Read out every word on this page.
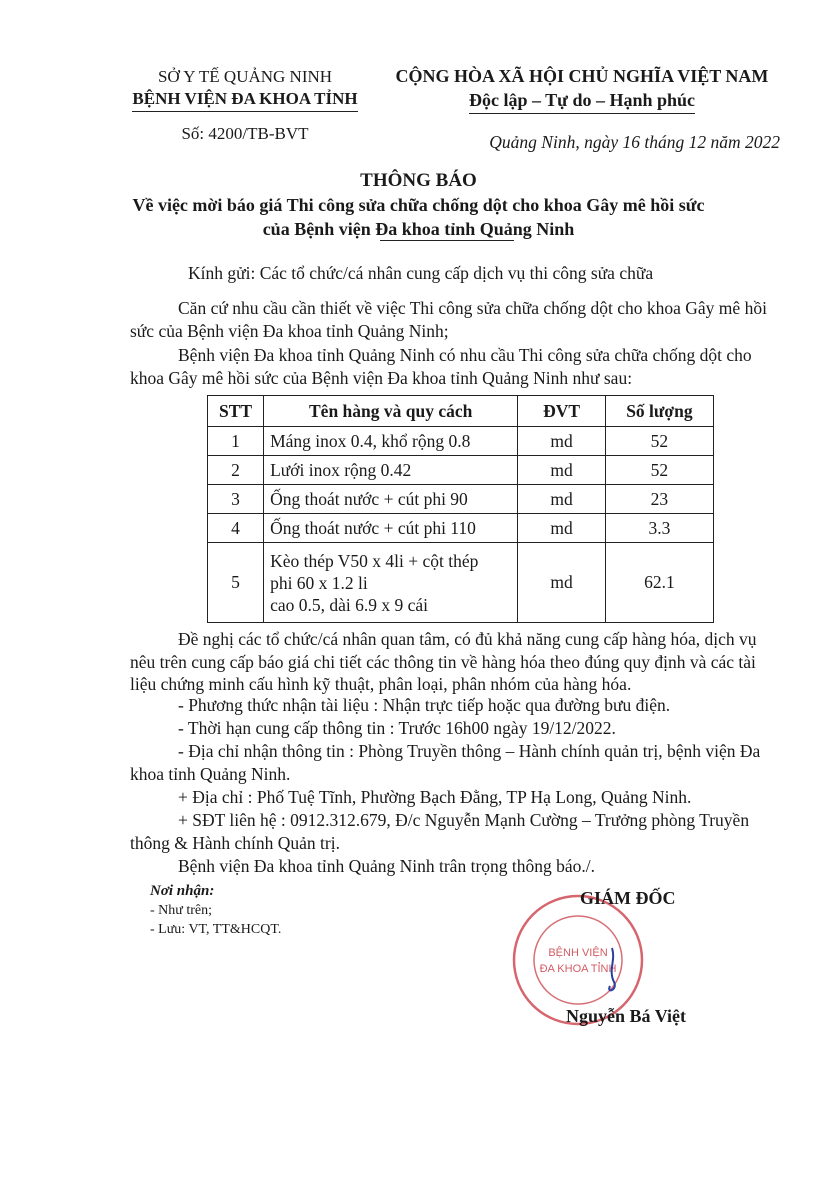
SỞ Y TẾ QUẢNG NINH
BỆNH VIỆN ĐA KHOA TỈNH
Số: 4200/TB-BVT
CỘNG HÒA XÃ HỘI CHỦ NGHĨA VIỆT NAM
Độc lập – Tự do – Hạnh phúc
Quảng Ninh, ngày 16 tháng 12 năm 2022
THÔNG BÁO
Về việc mời báo giá Thi công sửa chữa chống dột cho khoa Gây mê hồi sức
của Bệnh viện Đa khoa tỉnh Quảng Ninh
Kính gửi: Các tổ chức/cá nhân cung cấp dịch vụ thi công sửa chữa
Căn cứ nhu cầu cần thiết về việc Thi công sửa chữa chống dột cho khoa Gây mê hồi sức của Bệnh viện Đa khoa tỉnh Quảng Ninh;
Bệnh viện Đa khoa tỉnh Quảng Ninh có nhu cầu Thi công sửa chữa chống dột cho khoa Gây mê hồi sức của Bệnh viện Đa khoa tỉnh Quảng Ninh như sau:
STT	Tên hàng và quy cách	ĐVT	Số lượng
1	Máng inox 0.4, khổ rộng 0.8	md	52
2	Lưới inox rộng 0.42	md	52
3	Ống thoát nước + cút phi 90	md	23
4	Ống thoát nước + cút phi 110	md	3.3
5	Kèo thép V50 x 4li + cột thép
phi 60 x 1.2 li
cao 0.5, dài 6.9 x 9 cái	md	62.1
Đề nghị các tổ chức/cá nhân quan tâm, có đủ khả năng cung cấp hàng hóa, dịch vụ nêu trên cung cấp báo giá chi tiết các thông tin về hàng hóa theo đúng quy định và các tài liệu chứng minh cấu hình kỹ thuật, phân loại, phân nhóm của hàng hóa.
- Phương thức nhận tài liệu : Nhận trực tiếp hoặc qua đường bưu điện.
- Thời hạn cung cấp thông tin : Trước 16h00 ngày 19/12/2022.
- Địa chỉ nhận thông tin : Phòng Truyền thông – Hành chính quản trị, bệnh viện Đa khoa tỉnh Quảng Ninh.
+ Địa chỉ : Phố Tuệ Tĩnh, Phường Bạch Đằng, TP Hạ Long, Quảng Ninh.
+ SĐT liên hệ : 0912.312.679, Đ/c Nguyễn Mạnh Cường – Trưởng phòng Truyền thông & Hành chính Quản trị.
Bệnh viện Đa khoa tỉnh Quảng Ninh trân trọng thông báo./.
Nơi nhận:
- Như trên;
- Lưu: VT, TT&HCQT.
BỆNH VIỆN
ĐA KHOA TỈNH
GIÁM ĐỐC
Nguyễn Bá Việt
